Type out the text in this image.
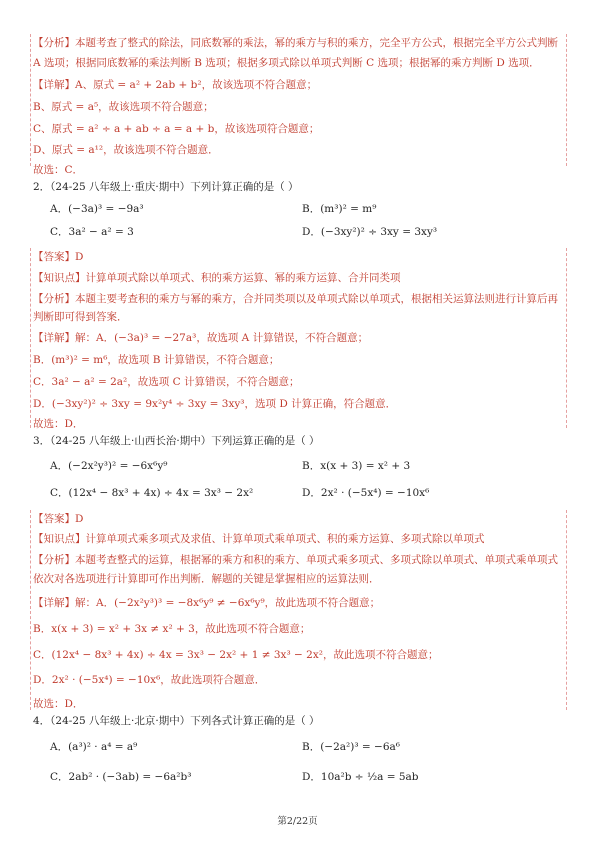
【分析】本题考查了整式的除法，同底数幂的乘法，幂的乘方与积的乘方，完全平方公式，根据完全平方公式判断
A 选项；根据同底数幂的乘法判断 B 选项；根据多项式除以单项式判断 C 选项；根据幂的乘方判断 D 选项．
【详解】A、原式 = a² + 2ab + b²，故该选项不符合题意；
B、原式 = a⁵，故该选项不符合题意；
C、原式 = a² ÷ a + ab ÷ a = a + b，故该选项符合题意；
D、原式 = a¹²，故该选项不符合题意．
故选：C．
2．（24-25 八年级上·重庆·期中）下列计算正确的是（ ）
A．(−3a)³ = −9a³	B．(m³)² = m⁹
C．3a² − a² = 3	D．(−3xy²)² ÷ 3xy = 3xy³
【答案】D
【知识点】计算单项式除以单项式、积的乘方运算、幂的乘方运算、合并同类项
【分析】本题主要考查积的乘方与幂的乘方，合并同类项以及单项式除以单项式，根据相关运算法则进行计算后再
判断即可得到答案．
【详解】解：A．(−3a)³ = −27a³，故选项 A 计算错误，不符合题意；
B．(m³)² = m⁶，故选项 B 计算错误，不符合题意；
C．3a² − a² = 2a²，故选项 C 计算错误，不符合题意；
D．(−3xy²)² ÷ 3xy = 9x²y⁴ ÷ 3xy = 3xy³，选项 D 计算正确，符合题意．
故选：D．
3．（24-25 八年级上·山西长治·期中）下列运算正确的是（ ）
A．(−2x²y³)² = −6x⁶y⁹	B．x(x + 3) = x² + 3
C．(12x⁴ − 8x³ + 4x) ÷ 4x = 3x³ − 2x²	D．2x² · (−5x⁴) = −10x⁶
【答案】D
【知识点】计算单项式乘多项式及求值、计算单项式乘单项式、积的乘方运算、多项式除以单项式
【分析】本题考查整式的运算，根据幂的乘方和积的乘方、单项式乘多项式、多项式除以单项式、单项式乘单项式
依次对各选项进行计算即可作出判断．解题的关键是掌握相应的运算法则．
【详解】解：A．(−2x²y³)³ = −8x⁶y⁹ ≠ −6x⁶y⁹，故此选项不符合题意；
B．x(x + 3) = x² + 3x ≠ x² + 3，故此选项不符合题意；
C．(12x⁴ − 8x³ + 4x) ÷ 4x = 3x³ − 2x² + 1 ≠ 3x³ − 2x²，故此选项不符合题意；
D．2x² · (−5x⁴) = −10x⁶，故此选项符合题意．
故选：D．
4．（24-25 八年级上·北京·期中）下列各式计算正确的是（ ）
A．(a³)² · a⁴ = a⁹	B．(−2a²)³ = −6a⁶
C．2ab² · (−3ab) = −6a²b³	D．10a²b ÷ ½a = 5ab
第2/22页
